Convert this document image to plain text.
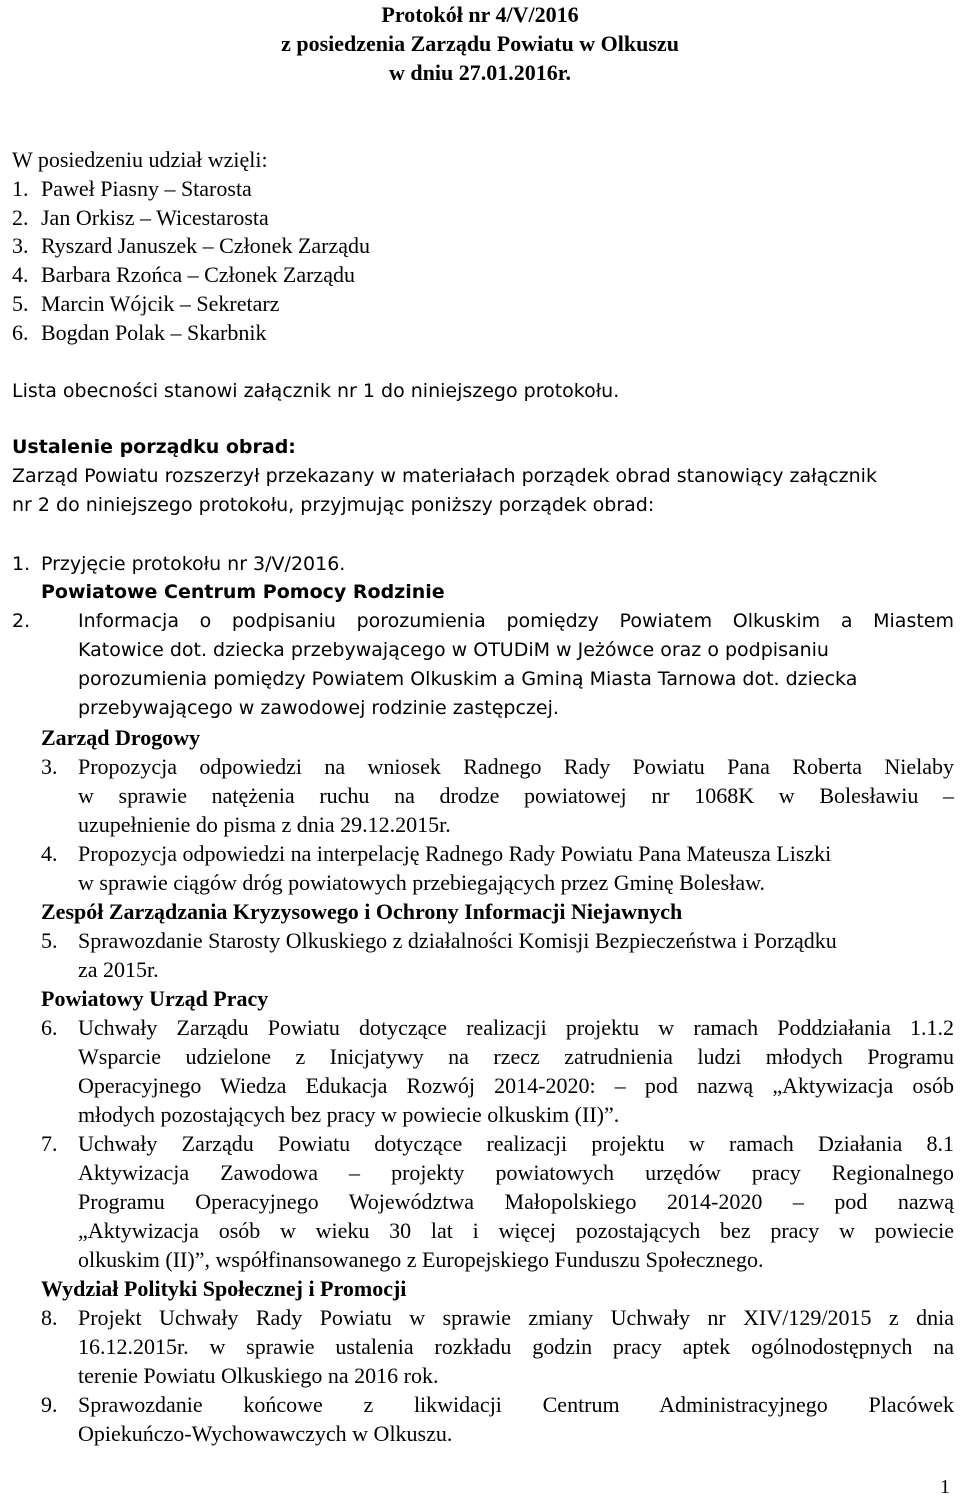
Protokół nr 4/V/2016
z posiedzenia Zarządu Powiatu w Olkuszu
w dniu 27.01.2016r.
W posiedzeniu udział wzięli:
1. Paweł Piasny – Starosta
2. Jan Orkisz – Wicestarosta
3. Ryszard Januszek – Członek Zarządu
4. Barbara Rzońca – Członek Zarządu
5. Marcin Wójcik – Sekretarz
6. Bogdan Polak – Skarbnik
Lista obecności stanowi załącznik nr 1 do niniejszego protokołu.
Ustalenie porządku obrad:
Zarząd Powiatu rozszerzył przekazany w materiałach porządek obrad stanowiący załącznik
nr 2 do niniejszego protokołu, przyjmując poniższy porządek obrad:
1. Przyjęcie protokołu nr 3/V/2016.
Powiatowe Centrum Pomocy Rodzinie
2.	Informacja o podpisaniu porozumienia pomiędzy Powiatem Olkuskim a Miastem
Katowice dot. dziecka przebywającego w OTUDiM w Jeżówce oraz o podpisaniu
porozumienia pomiędzy Powiatem Olkuskim a Gminą Miasta Tarnowa dot. dziecka
przebywającego w zawodowej rodzinie zastępczej.
Zarząd Drogowy
3. Propozycja odpowiedzi na wniosek Radnego Rady Powiatu Pana Roberta Nielaby
w sprawie natężenia ruchu na drodze powiatowej nr 1068K w Bolesławiu –
uzupełnienie do pisma z dnia 29.12.2015r.
4. Propozycja odpowiedzi na interpelację Radnego Rady Powiatu Pana Mateusza Liszki
w sprawie ciągów dróg powiatowych przebiegających przez Gminę Bolesław.
Zespół Zarządzania Kryzysowego i Ochrony Informacji Niejawnych
5. Sprawozdanie Starosty Olkuskiego z działalności Komisji Bezpieczeństwa i Porządku
za 2015r.
Powiatowy Urząd Pracy
6. Uchwały Zarządu Powiatu dotyczące realizacji projektu w ramach Poddziałania 1.1.2
Wsparcie udzielone z Inicjatywy na rzecz zatrudnienia ludzi młodych Programu
Operacyjnego Wiedza Edukacja Rozwój 2014-2020: – pod nazwą „Aktywizacja osób
młodych pozostających bez pracy w powiecie olkuskim (II)”.
7. Uchwały Zarządu Powiatu dotyczące realizacji projektu w ramach Działania 8.1
Aktywizacja Zawodowa – projekty powiatowych urzędów pracy Regionalnego
Programu Operacyjnego Województwa Małopolskiego 2014-2020 – pod nazwą
„Aktywizacja osób w wieku 30 lat i więcej pozostających bez pracy w powiecie
olkuskim (II)”, współfinansowanego z Europejskiego Funduszu Społecznego.
Wydział Polityki Społecznej i Promocji
8. Projekt Uchwały Rady Powiatu w sprawie zmiany Uchwały nr XIV/129/2015 z dnia
16.12.2015r. w sprawie ustalenia rozkładu godzin pracy aptek ogólnodostępnych na
terenie Powiatu Olkuskiego na 2016 rok.
9. Sprawozdanie końcowe z likwidacji Centrum Administracyjnego Placówek
Opiekuńczo-Wychowawczych w Olkuszu.
1
